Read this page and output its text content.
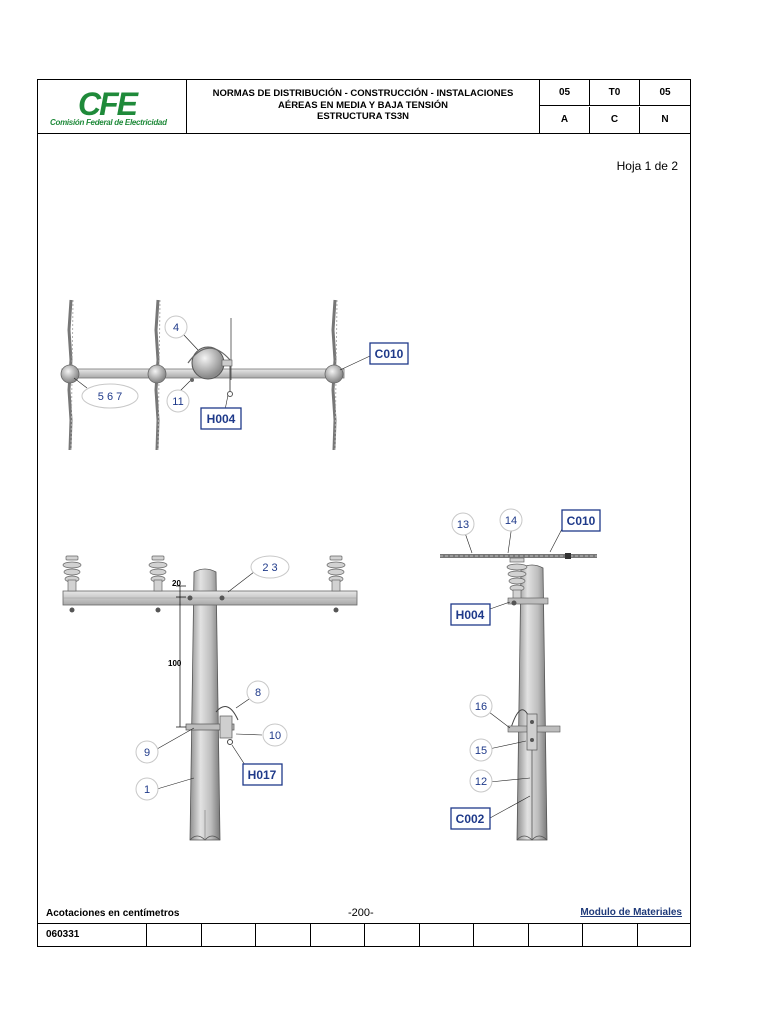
4
5 6 7	11
C010
H004
20
100
2 3
8
9
10
1
H017
13	14
16
15
12
C010
H004
C002
CFE
Comisión Federal de Electricidad
NORMAS DE DISTRIBUCIÓN - CONSTRUCCIÓN - INSTALACIONES
AÉREAS EN MEDIA Y BAJA TENSIÓN
ESTRUCTURA TS3N
05	T0	05
A	C	N
Hoja 1 de 2
Acotaciones en centímetros	-200-	Modulo de Materiales
060331
